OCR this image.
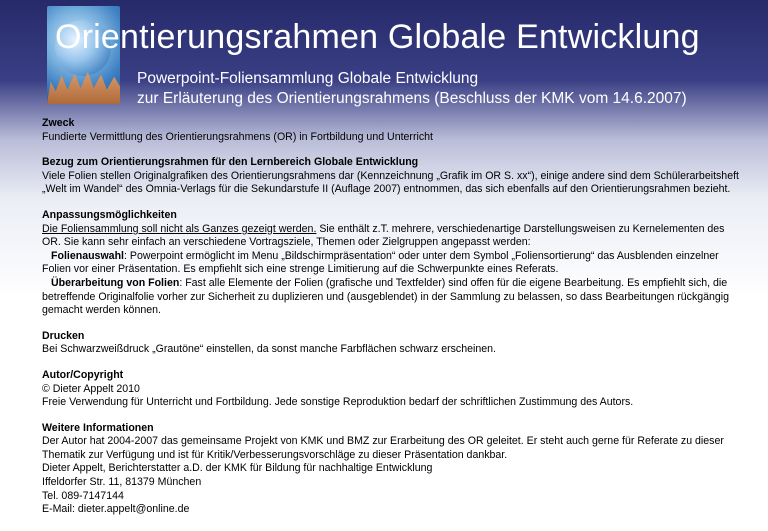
Orientierungsrahmen Globale Entwicklung
Powerpoint-Foliensammlung Globale Entwicklung
zur Erläuterung des Orientierungsrahmens (Beschluss der KMK vom 14.6.2007)
Zweck
Fundierte Vermittlung des Orientierungsrahmens (OR) in Fortbildung und Unterricht
Bezug zum Orientierungsrahmen für den Lernbereich Globale Entwicklung
Viele Folien stellen Originalgrafiken des Orientierungsrahmens dar (Kennzeichnung „Grafik im OR S. xx“), einige andere sind dem Schülerarbeitsheft
„Welt im Wandel“ des Omnia-Verlags für die Sekundarstufe II (Auflage 2007) entnommen, das sich ebenfalls auf den Orientierungsrahmen bezieht.
Anpassungsmöglichkeiten
Die Foliensammlung soll nicht als Ganzes gezeigt werden. Sie enthält z.T. mehrere, verschiedenartige Darstellungsweisen zu Kernelementen des
OR. Sie kann sehr einfach an verschiedene Vortragsziele, Themen oder Zielgruppen angepasst werden:
Folienauswahl: Powerpoint ermöglicht im Menu „Bildschirmpräsentation“ oder unter dem Symbol „Foliensortierung“ das Ausblenden einzelner
Folien vor einer Präsentation. Es empfiehlt sich eine strenge Limitierung auf die Schwerpunkte eines Referats.
Überarbeitung von Folien: Fast alle Elemente der Folien (grafische und Textfelder) sind offen für die eigene Bearbeitung. Es empfiehlt sich, die
betreffende Originalfolie vorher zur Sicherheit zu duplizieren und (ausgeblendet) in der Sammlung zu belassen, so dass Bearbeitungen rückgängig
gemacht werden können.
Drucken
Bei Schwarzweißdruck „Grautöne“ einstellen, da sonst manche Farbflächen schwarz erscheinen.
Autor/Copyright
© Dieter Appelt 2010
Freie Verwendung für Unterricht und Fortbildung. Jede sonstige Reproduktion bedarf der schriftlichen Zustimmung des Autors.
Weitere Informationen
Der Autor hat 2004-2007 das gemeinsame Projekt von KMK und BMZ zur Erarbeitung des OR geleitet. Er steht auch gerne für Referate zu dieser
Thematik zur Verfügung und ist für Kritik/Verbesserungsvorschläge zu dieser Präsentation dankbar.
Dieter Appelt, Berichterstatter a.D. der KMK für Bildung für nachhaltige Entwicklung
Iffeldorfer Str. 11, 81379 München
Tel. 089-7147144
E-Mail: dieter.appelt@online.de
